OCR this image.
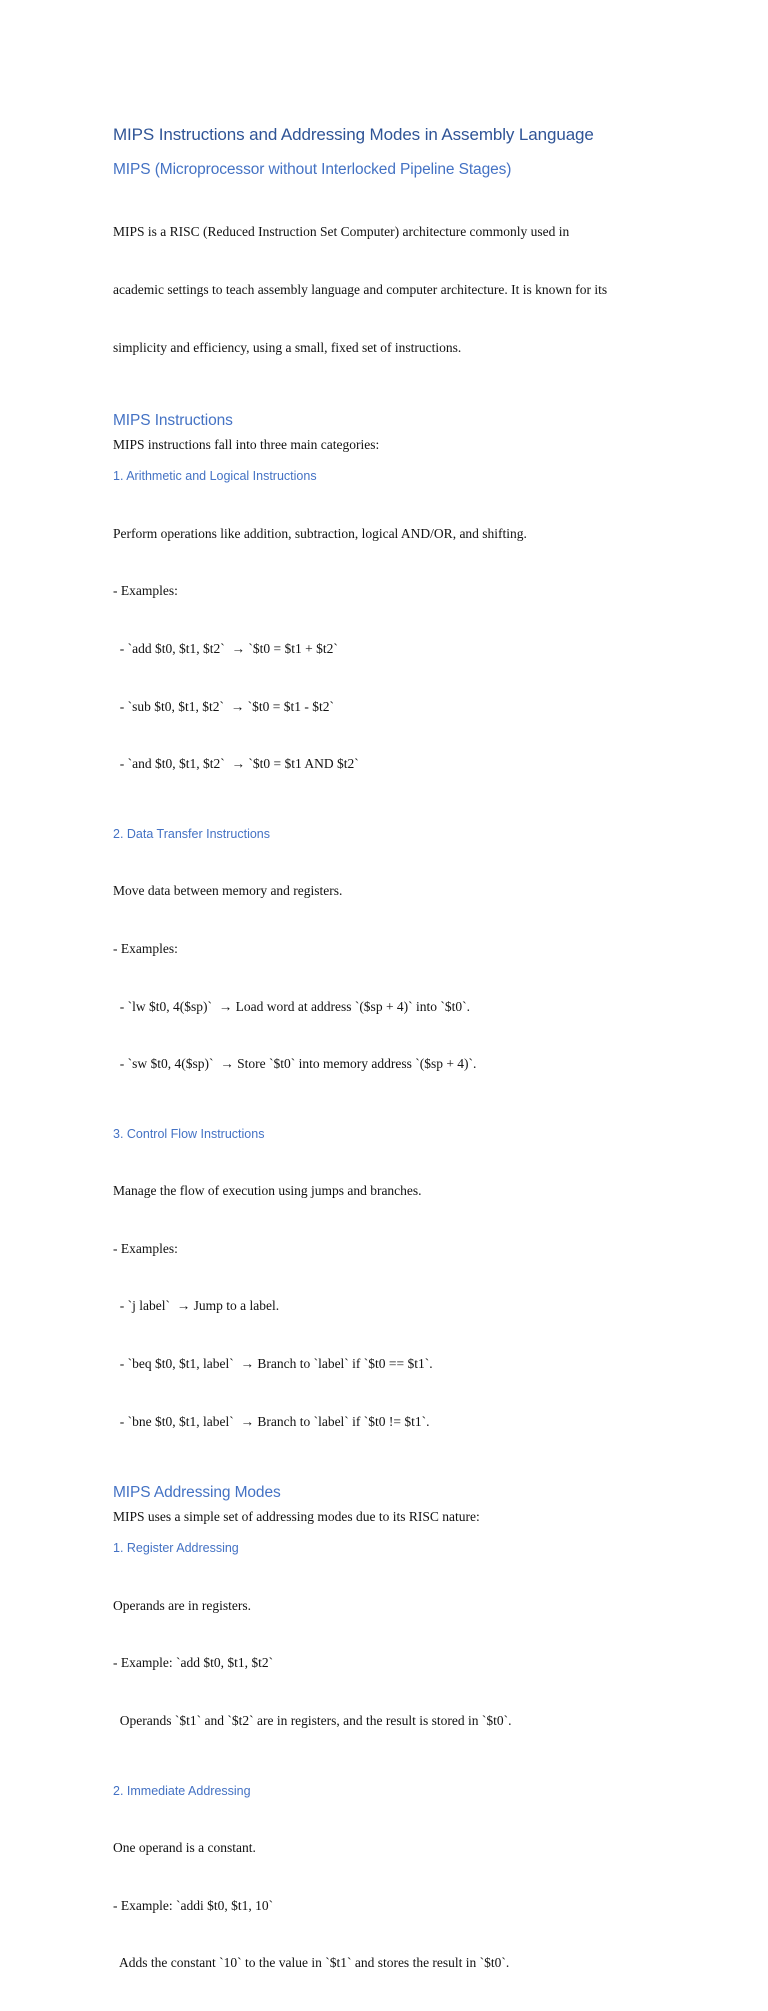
MIPS Instructions and Addressing Modes in Assembly Language
MIPS (Microprocessor without Interlocked Pipeline Stages)

MIPS is a RISC (Reduced Instruction Set Computer) architecture commonly used in

academic settings to teach assembly language and computer architecture. It is known for its

simplicity and efficiency, using a small, fixed set of instructions.

MIPS Instructions

MIPS instructions fall into three main categories:

1. Arithmetic and Logical Instructions

Perform operations like addition, subtraction, logical AND/OR, and shifting.

- Examples:

- `add $t0, $t1, $t2`  → `$t0 = $t1 + $t2`

- `sub $t0, $t1, $t2`  → `$t0 = $t1 - $t2`

- `and $t0, $t1, $t2`  → `$t0 = $t1 AND $t2`

2. Data Transfer Instructions

Move data between memory and registers.

- Examples:

- `lw $t0, 4($sp)`  → Load word at address `($sp + 4)` into `$t0`.

- `sw $t0, 4($sp)`  → Store `$t0` into memory address `($sp + 4)`.

3. Control Flow Instructions

Manage the flow of execution using jumps and branches.

- Examples:

- `j label`  → Jump to a label.

- `beq $t0, $t1, label`  → Branch to `label` if `$t0 == $t1`.

- `bne $t0, $t1, label`  → Branch to `label` if `$t0 != $t1`.

MIPS Addressing Modes

MIPS uses a simple set of addressing modes due to its RISC nature:

1. Register Addressing

Operands are in registers.

- Example: `add $t0, $t1, $t2`

Operands `$t1` and `$t2` are in registers, and the result is stored in `$t0`.

2. Immediate Addressing

One operand is a constant.

- Example: `addi $t0, $t1, 10`

Adds the constant `10` to the value in `$t1` and stores the result in `$t0`.
